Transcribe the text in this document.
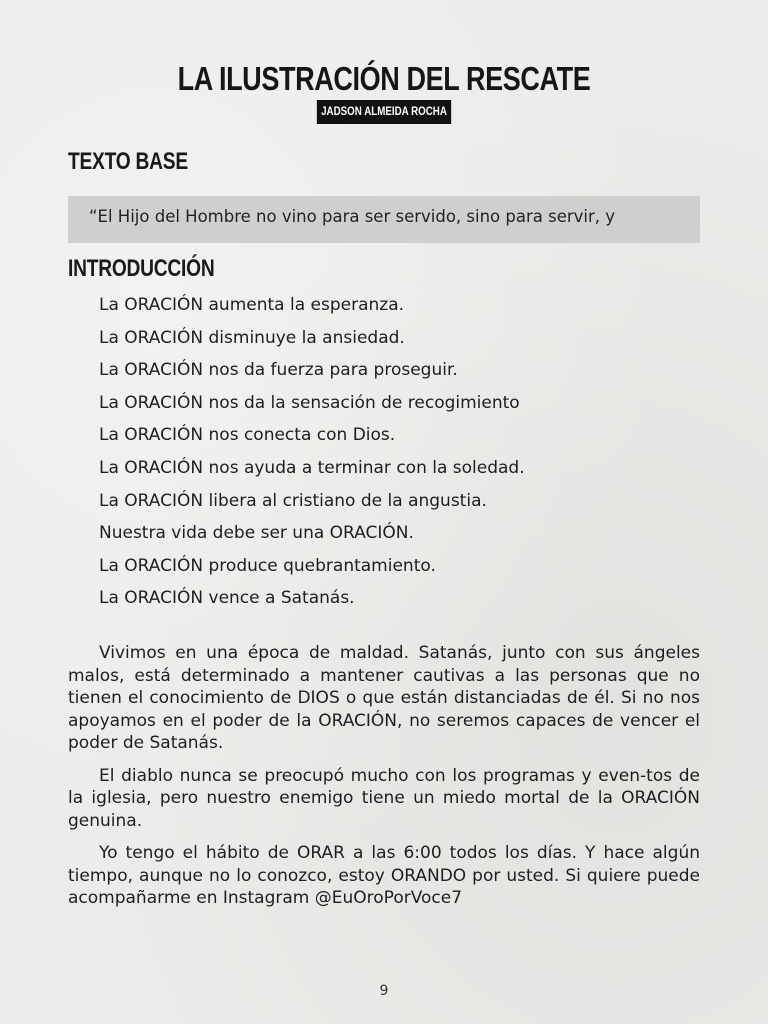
LA ILUSTRACIÓN DEL RESCATE
JADSON ALMEIDA ROCHA
TEXTO BASE
“El Hijo del Hombre no vino para ser servido, sino para servir, y
INTRODUCCIÓN
La ORACIÓN aumenta la esperanza.
La ORACIÓN disminuye la ansiedad.
La ORACIÓN nos da fuerza para proseguir.
La ORACIÓN nos da la sensación de recogimiento
La ORACIÓN nos conecta con Dios.
La ORACIÓN nos ayuda a terminar con la soledad.
La ORACIÓN libera al cristiano de la angustia.
Nuestra vida debe ser una ORACIÓN.
La ORACIÓN produce quebrantamiento.
La ORACIÓN vence a Satanás.

Vivimos en una época de maldad. Satanás, junto con sus ángeles malos, está determinado a mantener cautivas a las personas que no tienen el conocimiento de DIOS o que están distanciadas de él. Si no nos apoyamos en el poder de la ORACIÓN, no seremos capaces de vencer el poder de Satanás.

El diablo nunca se preocupó mucho con los programas y even-tos de la iglesia, pero nuestro enemigo tiene un miedo mortal de la ORACIÓN genuina.

Yo tengo el hábito de ORAR a las 6:00 todos los días. Y hace algún tiempo, aunque no lo conozco, estoy ORANDO por usted. Si quiere puede acompañarme en Instagram @EuOroPorVoce7

9
